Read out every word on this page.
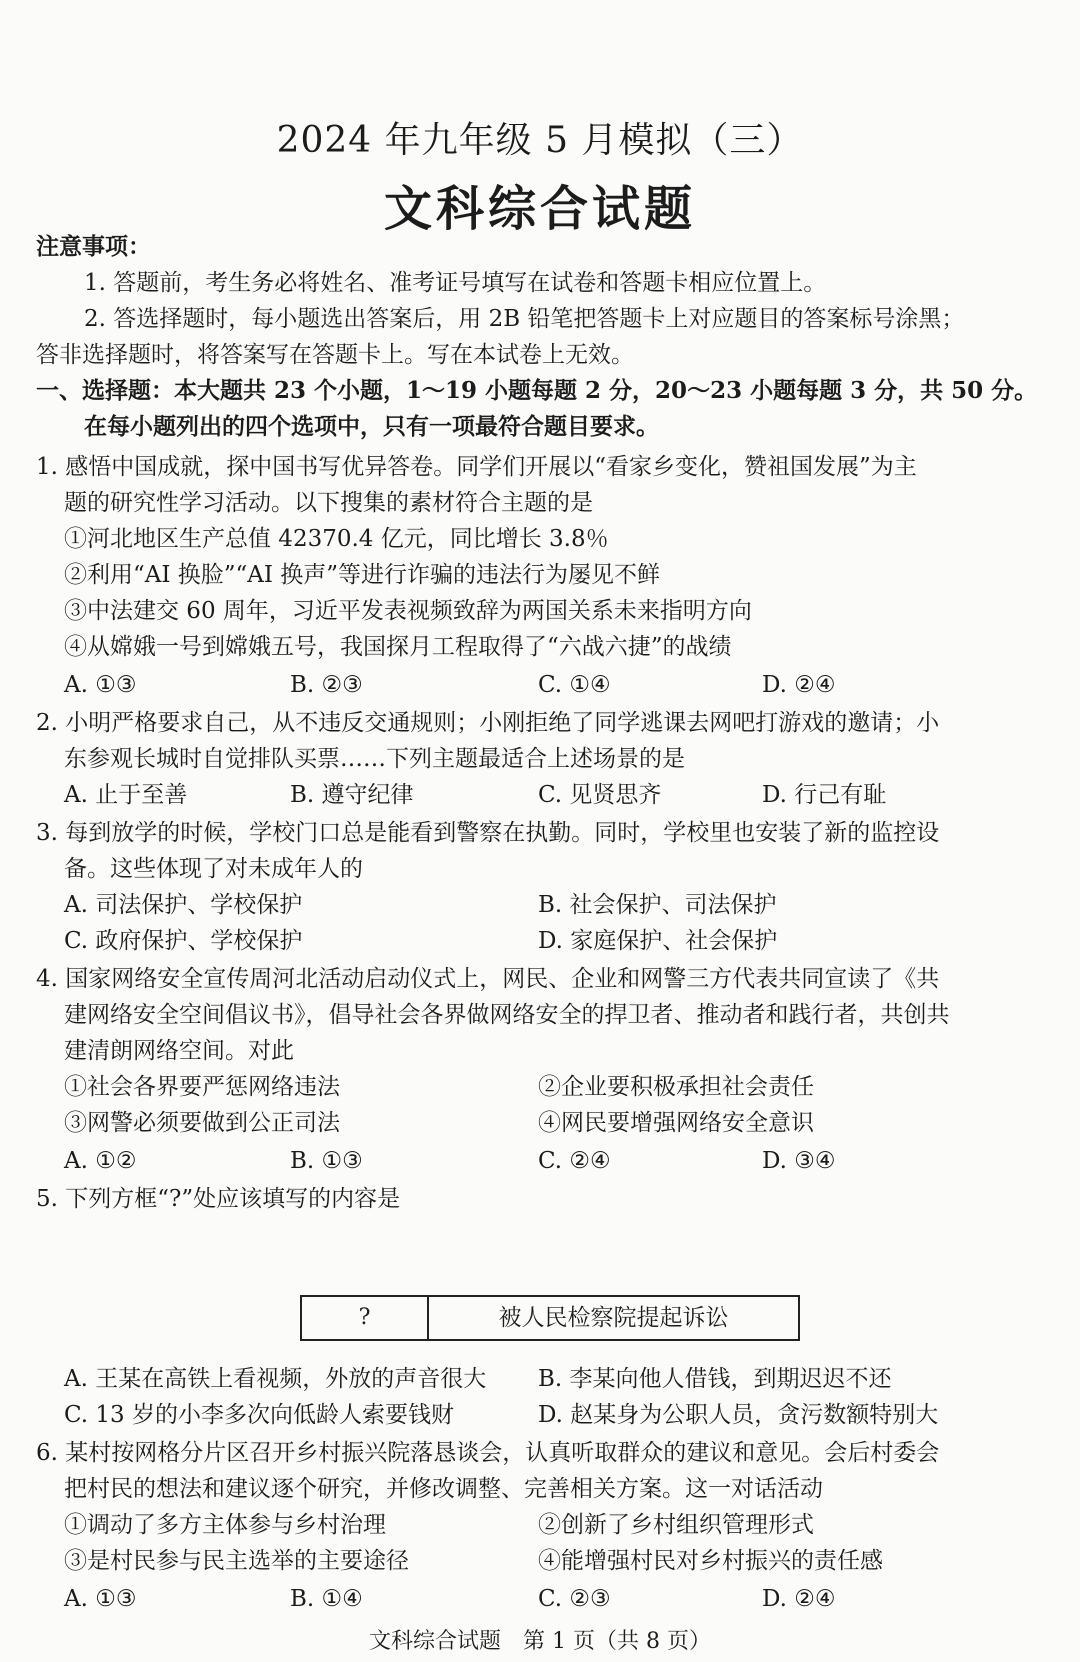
2024 年九年级 5 月模拟（三）
文科综合试题
注意事项：
1. 答题前，考生务必将姓名、准考证号填写在试卷和答题卡相应位置上。
2. 答选择题时，每小题选出答案后，用 2B 铅笔把答题卡上对应题目的答案标号涂黑；
答非选择题时，将答案写在答题卡上。写在本试卷上无效。
一、选择题：本大题共 23 个小题，1～19 小题每题 2 分，20～23 小题每题 3 分，共 50 分。
在每小题列出的四个选项中，只有一项最符合题目要求。
1. 感悟中国成就，探中国书写优异答卷。同学们开展以“看家乡变化，赞祖国发展”为主
题的研究性学习活动。以下搜集的素材符合主题的是
①河北地区生产总值 42370.4 亿元，同比增长 3.8％
②利用“AI 换脸”“AI 换声”等进行诈骗的违法行为屡见不鲜
③中法建交 60 周年，习近平发表视频致辞为两国关系未来指明方向
④从嫦娥一号到嫦娥五号，我国探月工程取得了“六战六捷”的战绩
A. ①③	B. ②③	C. ①④	D. ②④
2. 小明严格要求自己，从不违反交通规则；小刚拒绝了同学逃课去网吧打游戏的邀请；小
东参观长城时自觉排队买票……下列主题最适合上述场景的是
A. 止于至善	B. 遵守纪律	C. 见贤思齐	D. 行己有耻
3. 每到放学的时候，学校门口总是能看到警察在执勤。同时，学校里也安装了新的监控设
备。这些体现了对未成年人的
A. 司法保护、学校保护	B. 社会保护、司法保护
C. 政府保护、学校保护	D. 家庭保护、社会保护
4. 国家网络安全宣传周河北活动启动仪式上，网民、企业和网警三方代表共同宣读了《共
建网络安全空间倡议书》，倡导社会各界做网络安全的捍卫者、推动者和践行者，共创共
建清朗网络空间。对此
①社会各界要严惩网络违法	②企业要积极承担社会责任
③网警必须要做到公正司法	④网民要增强网络安全意识
A. ①②	B. ①③	C. ②④	D. ③④
5. 下列方框“?”处应该填写的内容是
?	被人民检察院提起诉讼
A. 王某在高铁上看视频，外放的声音很大 B. 李某向他人借钱，到期迟迟不还
C. 13 岁的小李多次向低龄人索要钱财	D. 赵某身为公职人员，贪污数额特别大
6. 某村按网格分片区召开乡村振兴院落恳谈会，认真听取群众的建议和意见。会后村委会
把村民的想法和建议逐个研究，并修改调整、完善相关方案。这一对话活动
①调动了多方主体参与乡村治理	②创新了乡村组织管理形式
③是村民参与民主选举的主要途径	④能增强村民对乡村振兴的责任感
A. ①③	B. ①④	C. ②③	D. ②④
文科综合试题　第 1 页（共 8 页）
